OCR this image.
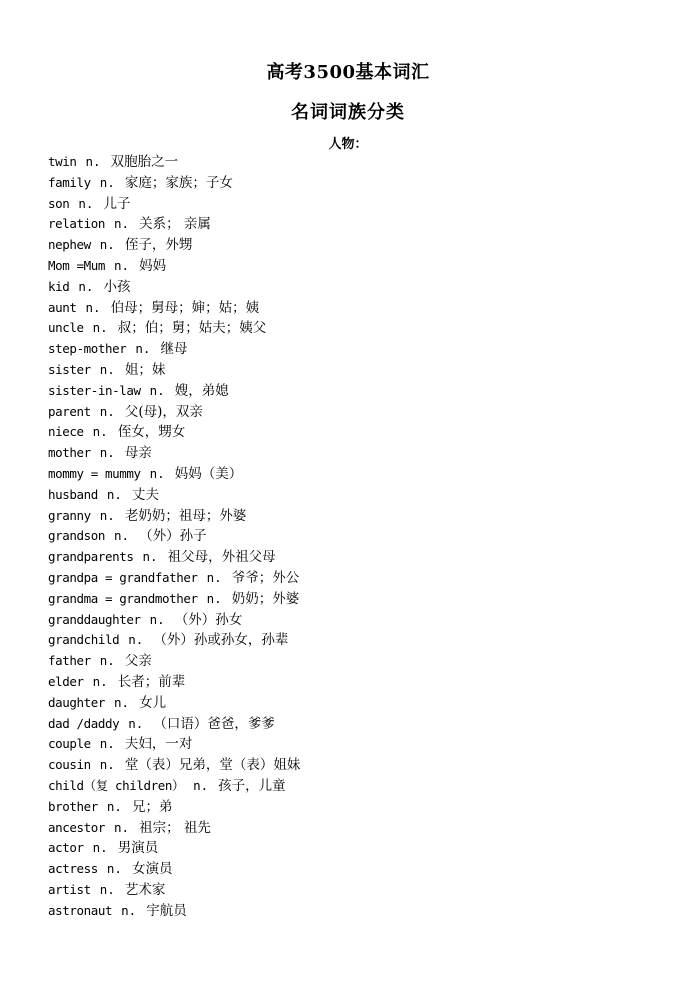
高考3500基本词汇
名词词族分类
人物：
twin n. 双胞胎之一
family n. 家庭；家族；子女
son n. 儿子
relation n. 关系； 亲属
nephew n. 侄子，外甥
Mom =Mum n. 妈妈
kid n. 小孩
aunt n. 伯母；舅母；婶；姑；姨
uncle n. 叔；伯；舅；姑夫；姨父
step-mother n. 继母
sister n. 姐；妹
sister-in-law n. 嫂，弟媳
parent n. 父(母)，双亲
niece n. 侄女，甥女
mother n. 母亲
mommy = mummy n. 妈妈（美）
husband n. 丈夫
granny n. 老奶奶；祖母；外婆
grandson n. （外）孙子
grandparents n. 祖父母，外祖父母
grandpa = grandfather n. 爷爷；外公
grandma = grandmother n. 奶奶；外婆
granddaughter n. （外）孙女
grandchild n. （外）孙或孙女，孙辈
father n. 父亲
elder n. 长者；前辈
daughter n. 女儿
dad /daddy n. （口语）爸爸，爹爹
couple n. 夫妇，一对
cousin n. 堂（表）兄弟，堂（表）姐妹
child（复 children） n. 孩子，儿童
brother n. 兄；弟
ancestor n. 祖宗； 祖先
actor n. 男演员
actress n. 女演员
artist n. 艺术家
astronaut n. 宇航员
